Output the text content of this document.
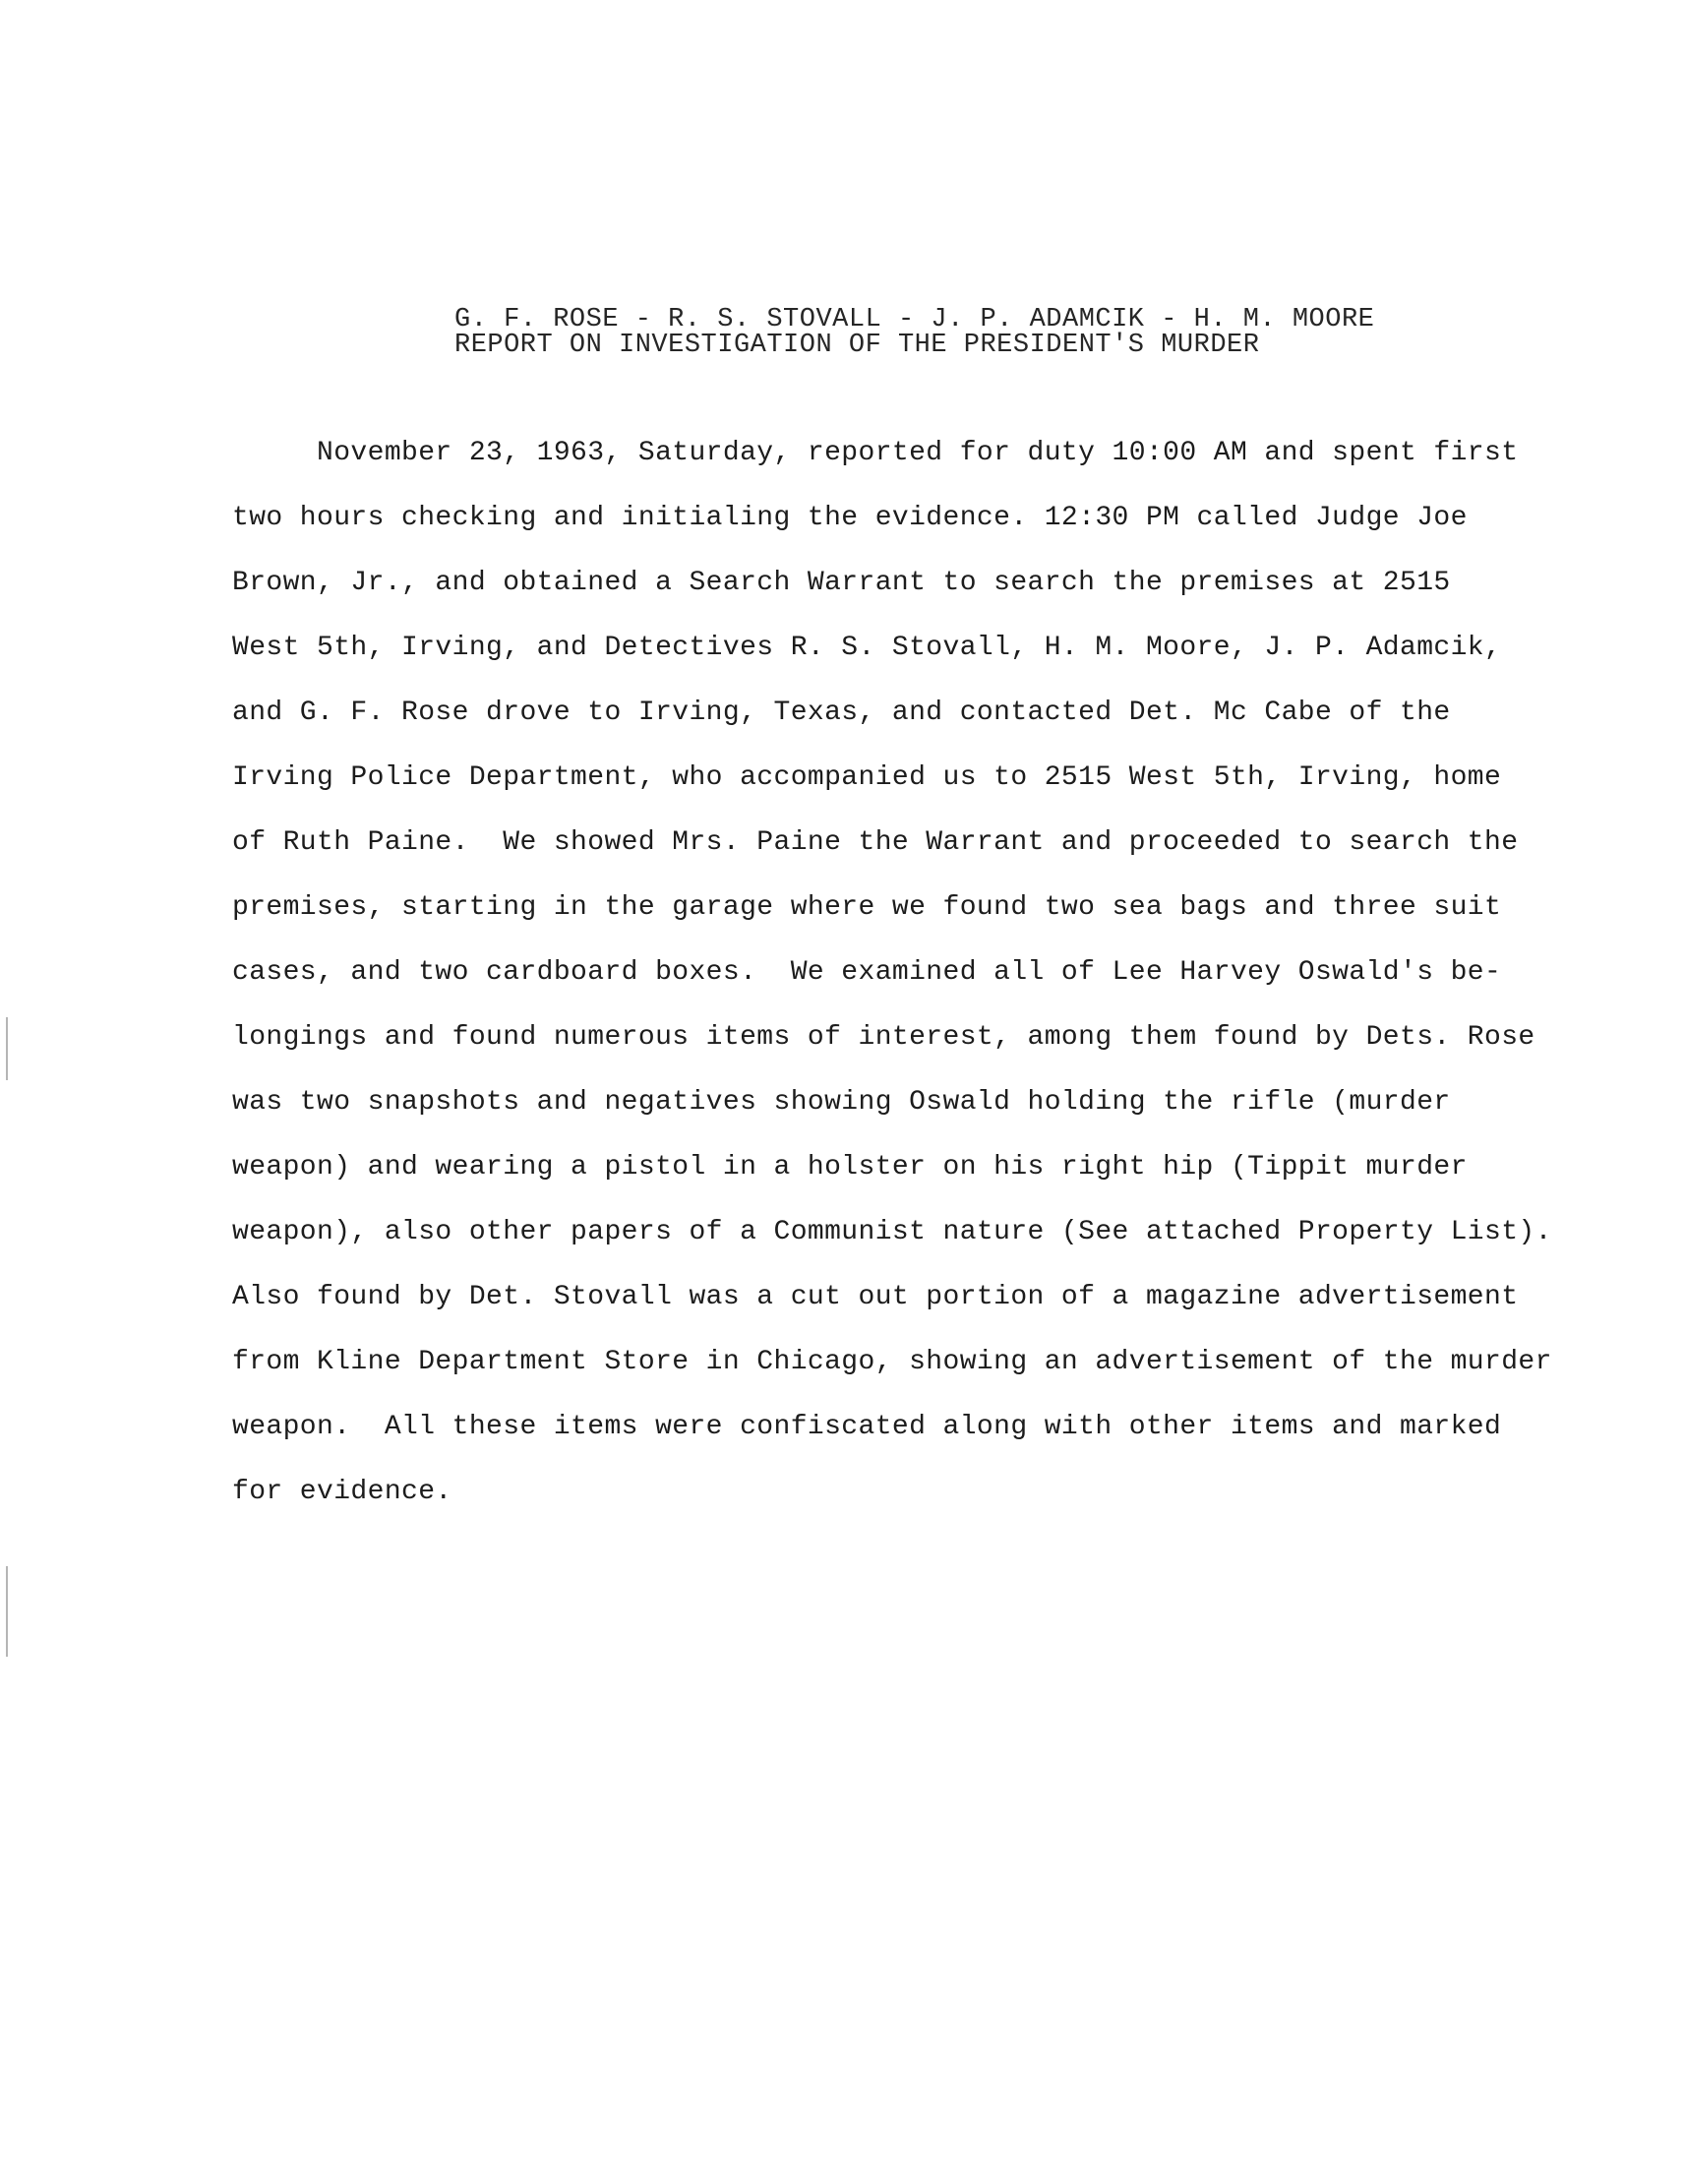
G. F. ROSE - R. S. STOVALL - J. P. ADAMCIK - H. M. MOORE
REPORT ON INVESTIGATION OF THE PRESIDENT'S MURDER
November 23, 1963, Saturday, reported for duty 10:00 AM and spent first
two hours checking and initialing the evidence. 12:30 PM called Judge Joe
Brown, Jr., and obtained a Search Warrant to search the premises at 2515
West 5th, Irving, and Detectives R. S. Stovall, H. M. Moore, J. P. Adamcik,
and G. F. Rose drove to Irving, Texas, and contacted Det. Mc Cabe of the
Irving Police Department, who accompanied us to 2515 West 5th, Irving, home
of Ruth Paine.  We showed Mrs. Paine the Warrant and proceeded to search the
premises, starting in the garage where we found two sea bags and three suit
cases, and two cardboard boxes.  We examined all of Lee Harvey Oswald's be-
longings and found numerous items of interest, among them found by Dets. Rose
was two snapshots and negatives showing Oswald holding the rifle (murder
weapon) and wearing a pistol in a holster on his right hip (Tippit murder
weapon), also other papers of a Communist nature (See attached Property List).
Also found by Det. Stovall was a cut out portion of a magazine advertisement
from Kline Department Store in Chicago, showing an advertisement of the murder
weapon.  All these items were confiscated along with other items and marked
for evidence.
